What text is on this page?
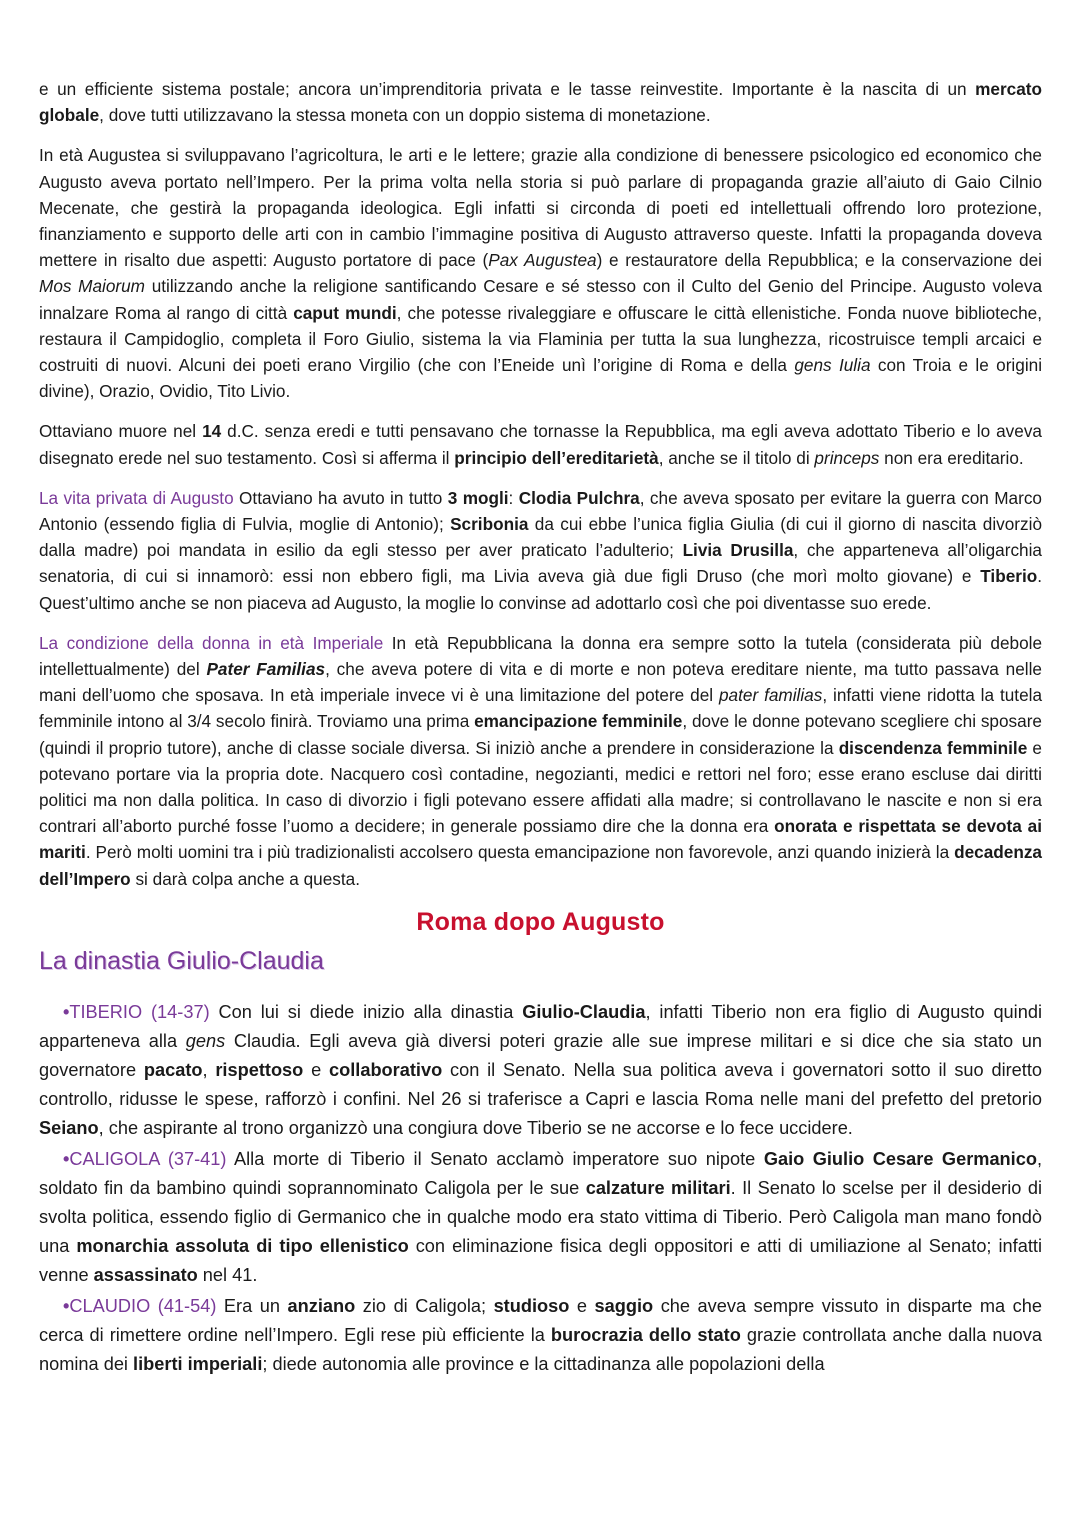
e un efficiente sistema postale; ancora un’imprenditoria privata e le tasse reinvestite. Importante è la nascita di un mercato globale, dove tutti utilizzavano la stessa moneta con un doppio sistema di monetazione.

In età Augustea si sviluppavano l’agricoltura, le arti e le lettere; grazie alla condizione di benessere psicologico ed economico che Augusto aveva portato nell’Impero. Per la prima volta nella storia si può parlare di propaganda grazie all’aiuto di Gaio Cilnio Mecenate, che gestirà la propaganda ideologica. Egli infatti si circonda di poeti ed intellettuali offrendo loro protezione, finanziamento e supporto delle arti con in cambio l’immagine positiva di Augusto attraverso queste. Infatti la propaganda doveva mettere in risalto due aspetti: Augusto portatore di pace (Pax Augustea) e restauratore della Repubblica; e la conservazione dei Mos Maiorum utilizzando anche la religione santificando Cesare e sé stesso con il Culto del Genio del Principe. Augusto voleva innalzare Roma al rango di città caput mundi, che potesse rivaleggiare e offuscare le città ellenistiche. Fonda nuove biblioteche, restaura il Campidoglio, completa il Foro Giulio, sistema la via Flaminia per tutta la sua lunghezza, ricostruisce templi arcaici e costruiti di nuovi. Alcuni dei poeti erano Virgilio (che con l’Eneide unì l’origine di Roma e della gens Iulia con Troia e le origini divine), Orazio, Ovidio, Tito Livio.

Ottaviano muore nel 14 d.C. senza eredi e tutti pensavano che tornasse la Repubblica, ma egli aveva adottato Tiberio e lo aveva disegnato erede nel suo testamento. Così si afferma il principio dell’ereditarietà, anche se il titolo di princeps non era ereditario.

La vita privata di Augusto Ottaviano ha avuto in tutto 3 mogli: Clodia Pulchra, che aveva sposato per evitare la guerra con Marco Antonio (essendo figlia di Fulvia, moglie di Antonio); Scribonia da cui ebbe l’unica figlia Giulia (di cui il giorno di nascita divorziò dalla madre) poi mandata in esilio da egli stesso per aver praticato l’adulterio; Livia Drusilla, che apparteneva all’oligarchia senatoria, di cui si innamorò: essi non ebbero figli, ma Livia aveva già due figli Druso (che morì molto giovane) e Tiberio. Quest’ultimo anche se non piaceva ad Augusto, la moglie lo convinse ad adottarlo così che poi diventasse suo erede.

La condizione della donna in età Imperiale In età Repubblicana la donna era sempre sotto la tutela (considerata più debole intellettualmente) del Pater Familias, che aveva potere di vita e di morte e non poteva ereditare niente, ma tutto passava nelle mani dell’uomo che sposava. In età imperiale invece vi è una limitazione del potere del pater familias, infatti viene ridotta la tutela femminile intono al 3/4 secolo finirà. Troviamo una prima emancipazione femminile, dove le donne potevano scegliere chi sposare (quindi il proprio tutore), anche di classe sociale diversa. Si iniziò anche a prendere in considerazione la discendenza femminile e potevano portare via la propria dote. Nacquero così contadine, negozianti, medici e rettori nel foro; esse erano escluse dai diritti politici ma non dalla politica. In caso di divorzio i figli potevano essere affidati alla madre; si controllavano le nascite e non si era contrari all’aborto purché fosse l’uomo a decidere; in generale possiamo dire che la donna era onorata e rispettata se devota ai mariti. Però molti uomini tra i più tradizionalisti accolsero questa emancipazione non favorevole, anzi quando inizierà la decadenza dell’Impero si darà colpa anche a questa.

Roma dopo Augusto
La dinastia Giulio-Claudia

•TIBERIO (14-37) Con lui si diede inizio alla dinastia Giulio-Claudia, infatti Tiberio non era figlio di Augusto quindi apparteneva alla gens Claudia. Egli aveva già diversi poteri grazie alle sue imprese militari e si dice che sia stato un governatore pacato, rispettoso e collaborativo con il Senato. Nella sua politica aveva i governatori sotto il suo diretto controllo, ridusse le spese, rafforzò i confini. Nel 26 si traferisce a Capri e lascia Roma nelle mani del prefetto del pretorio Seiano, che aspirante al trono organizzò una congiura dove Tiberio se ne accorse e lo fece uccidere.

•CALIGOLA (37-41) Alla morte di Tiberio il Senato acclamò imperatore suo nipote Gaio Giulio Cesare Germanico, soldato fin da bambino quindi soprannominato Caligola per le sue calzature militari. Il Senato lo scelse per il desiderio di svolta politica, essendo figlio di Germanico che in qualche modo era stato vittima di Tiberio. Però Caligola man mano fondò una monarchia assoluta di tipo ellenistico con eliminazione fisica degli oppositori e atti di umiliazione al Senato; infatti venne assassinato nel 41.

•CLAUDIO (41-54) Era un anziano zio di Caligola; studioso e saggio che aveva sempre vissuto in disparte ma che cerca di rimettere ordine nell’Impero. Egli rese più efficiente la burocrazia dello stato grazie controllata anche dalla nuova nomina dei liberti imperiali; diede autonomia alle province e la cittadinanza alle popolazioni della
